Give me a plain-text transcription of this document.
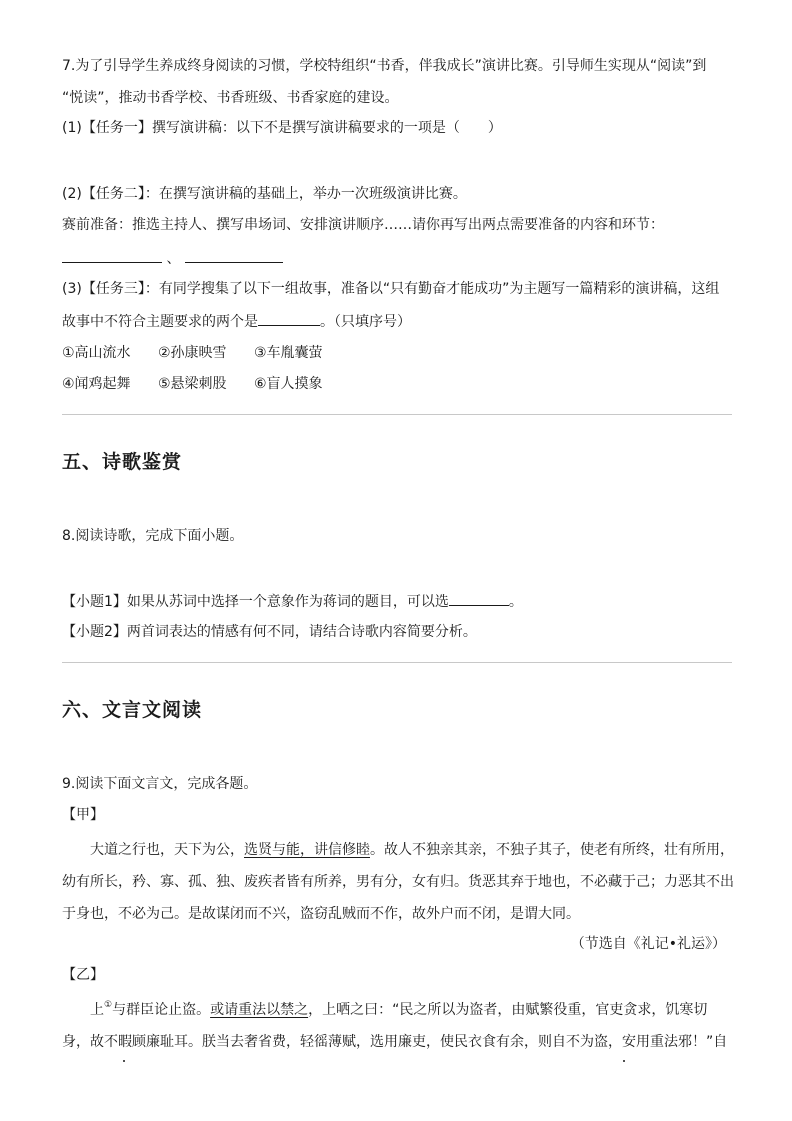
7.为了引导学生养成终身阅读的习惯，学校特组织“书香，伴我成长”演讲比赛。引导师生实现从“阅读”到
“悦读”，推动书香学校、书香班级、书香家庭的建设。
(1)【任务一】撰写演讲稿：以下不是撰写演讲稿要求的一项是（　　）
(2)【任务二】：在撰写演讲稿的基础上，举办一次班级演讲比赛。
赛前准备：推选主持人、撰写串场词、安排演讲顺序……请你再写出两点需要准备的内容和环节：
、
(3)【任务三】：有同学搜集了以下一组故事，准备以“只有勤奋才能成功”为主题写一篇精彩的演讲稿，这组
故事中不符合主题要求的两个是	。（只填序号）
①高山流水 ②孙康映雪 ③车胤囊萤
④闻鸡起舞 ⑤悬梁刺股 ⑥盲人摸象
五、诗歌鉴赏
8.阅读诗歌，完成下面小题。
【小题1】如果从苏词中选择一个意象作为蒋词的题目，可以选	。
【小题2】两首词表达的情感有何不同，请结合诗歌内容简要分析。
六、文言文阅读
9.阅读下面文言文，完成各题。
【甲】
大道之行也，天下为公，选贤与能，讲信修睦。故人不独亲其亲，不独子其子，使老有所终，壮有所用，
幼有所长，矜、寡、孤、独、废疾者皆有所养，男有分，女有归。货恶其弃于地也，不必藏于己；力恶其不出
于身也，不必为己。是故谋闭而不兴，盗窃乱贼而不作，故外户而不闭，是谓大同。
（节选自《礼记•礼运》）
【乙】
上①与群臣论止盗。或请重法以禁之，上哂之曰：“民之所以为盗者，由赋繁役重，官吏贪求，饥寒切
身，故不暇顾廉耻耳。朕当去奢省费，轻徭薄赋，选用廉吏，使民衣食有余，则自不为盗，安用重法邪！”自
